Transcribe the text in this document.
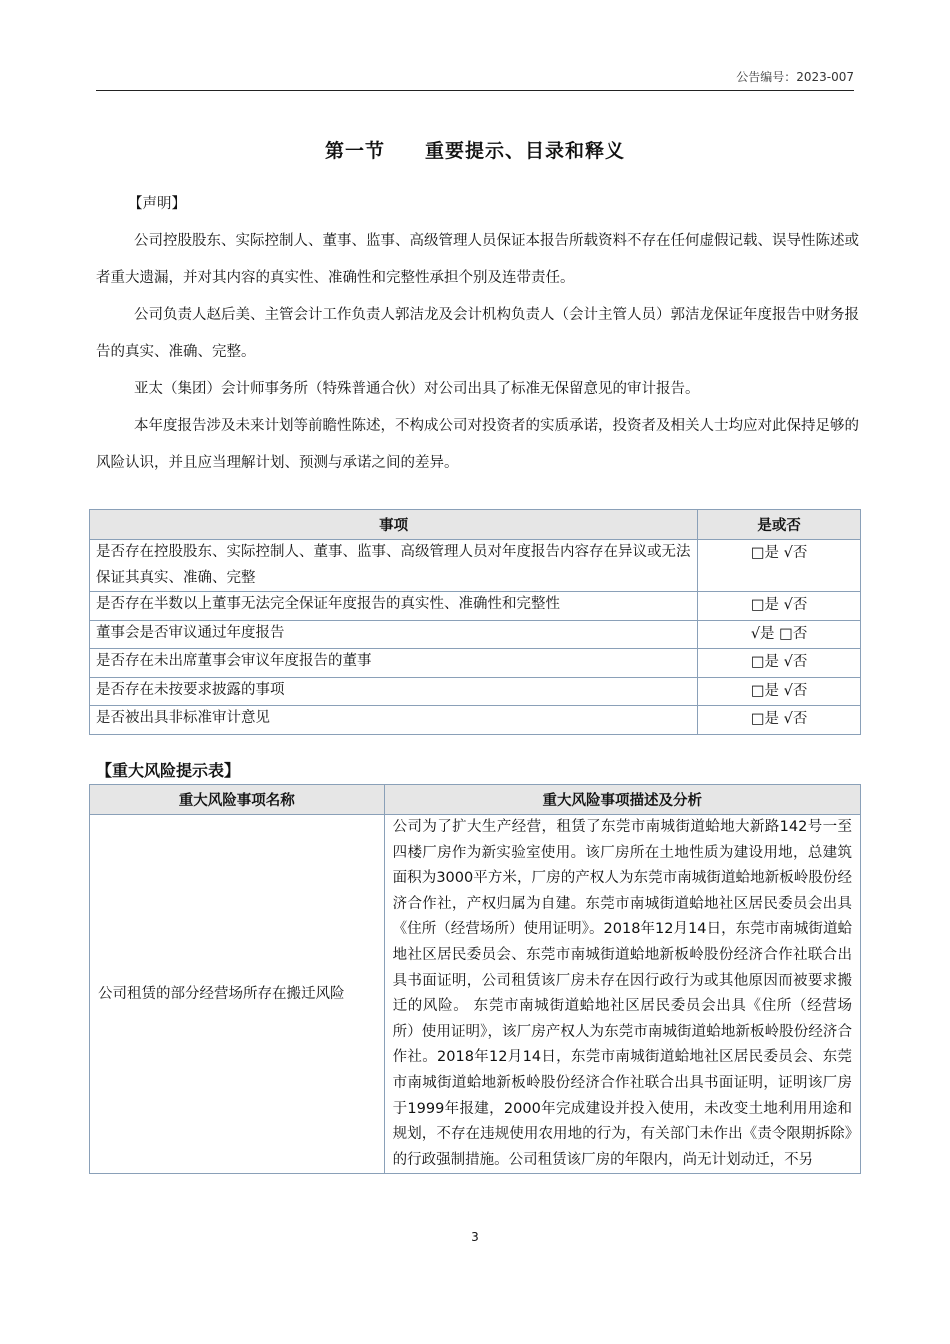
公告编号：2023-007
第一节 重要提示、目录和释义
【声明】

公司控股股东、实际控制人、董事、监事、高级管理人员保证本报告所载资料不存在任何虚假记载、误导性陈述或者重大遗漏，并对其内容的真实性、准确性和完整性承担个别及连带责任。

公司负责人赵后美、主管会计工作负责人郭洁龙及会计机构负责人（会计主管人员）郭洁龙保证年度报告中财务报告的真实、准确、完整。

亚太（集团）会计师事务所（特殊普通合伙）对公司出具了标准无保留意见的审计报告。

本年度报告涉及未来计划等前瞻性陈述，不构成公司对投资者的实质承诺，投资者及相关人士均应对此保持足够的风险认识，并且应当理解计划、预测与承诺之间的差异。

事项	是或否
是否存在控股股东、实际控制人、董事、监事、高级管理人员对年度报告内容存在异议或无法保证其真实、准确、完整	□是 √否
是否存在半数以上董事无法完全保证年度报告的真实性、准确性和完整性	□是 √否
董事会是否审议通过年度报告	√是 □否
是否存在未出席董事会审议年度报告的董事	□是 √否
是否存在未按要求披露的事项	□是 √否
是否被出具非标准审计意见	□是 √否
【重大风险提示表】
重大风险事项名称	重大风险事项描述及分析
公司租赁的部分经营场所存在搬迁风险	公司为了扩大生产经营，租赁了东莞市南城街道蛤地大新路142号一至四楼厂房作为新实验室使用。该厂房所在土地性质为建设用地，总建筑面积为3000平方米，厂房的产权人为东莞市南城街道蛤地新板岭股份经济合作社，产权归属为自建。东莞市南城街道蛤地社区居民委员会出具《住所（经营场所）使用证明》。2018年12月14日，东莞市南城街道蛤地社区居民委员会、东莞市南城街道蛤地新板岭股份经济合作社联合出具书面证明，公司租赁该厂房未存在因行政行为或其他原因而被要求搬迁的风险。 东莞市南城街道蛤地社区居民委员会出具《住所（经营场所）使用证明》，该厂房产权人为东莞市南城街道蛤地新板岭股份经济合作社。2018年12月14日，东莞市南城街道蛤地社区居民委员会、东莞市南城街道蛤地新板岭股份经济合作社联合出具书面证明，证明该厂房于1999年报建，2000年完成建设并投入使用，未改变土地利用用途和规划，不存在违规使用农用地的行为，有关部门未作出《责令限期拆除》的行政强制措施。公司租赁该厂房的年限内，尚无计划动迁，不另
3
